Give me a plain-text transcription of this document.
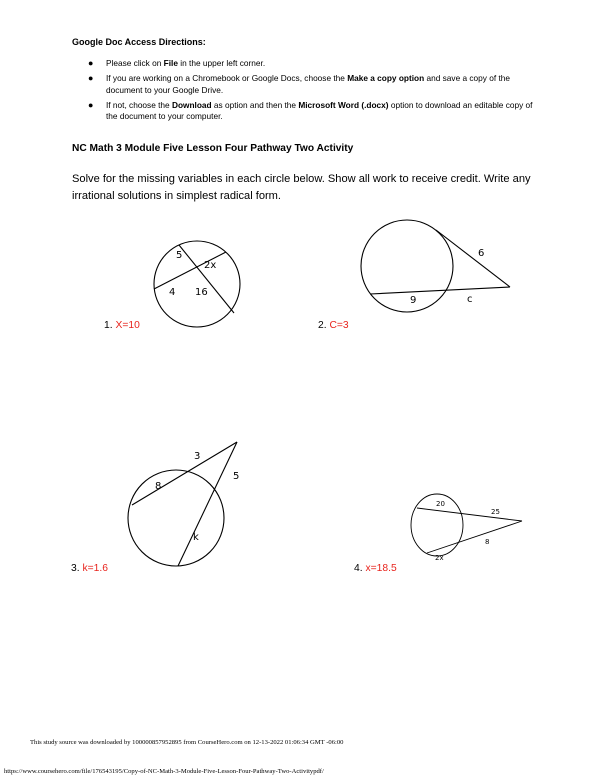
Google Doc Access Directions:
● Please click on File in the upper left corner.
● If you are working on a Chromebook or Google Docs, choose the Make a copy option and save a copy of the document to your Google Drive.
● If not, choose the Download as option and then the Microsoft Word (.docx) option to download an editable copy of the document to your computer.
NC Math 3 Module Five Lesson Four Pathway Two Activity
Solve for the missing variables in each circle below. Show all work to receive credit. Write any irrational solutions in simplest radical form.
5
2x
4 16
6
9	c
3
5
8
k
20
25
8
2x
1. X=10	2. C=3
3. k=1.6	4. x=18.5
This study source was downloaded by 100000857952895 from CourseHero.com on 12-13-2022 01:06:34 GMT -06:00
https://www.coursehero.com/file/176543195/Copy-of-NC-Math-3-Module-Five-Lesson-Four-Pathway-Two-Activitypdf/
